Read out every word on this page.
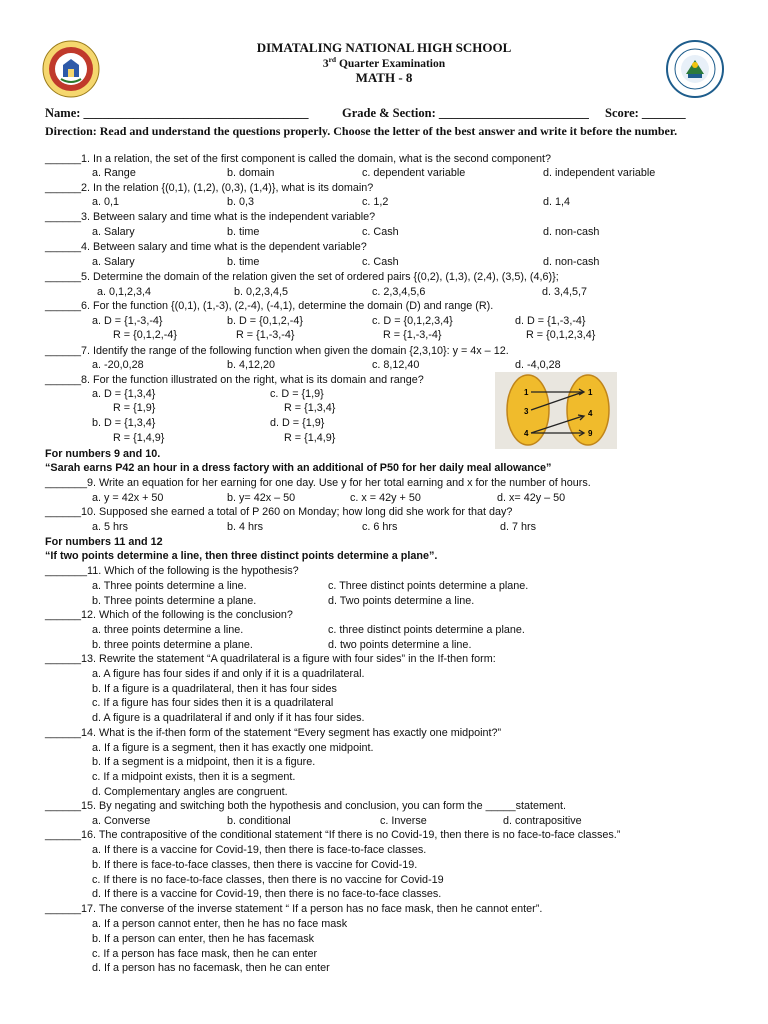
DIMATALING NATIONAL HIGH SCHOOL
3rd Quarter Examination
MATH - 8
Name: ____________________________________	Grade & Section: ________________________ Score: _______
Direction: Read and understand the questions properly. Choose the letter of the best answer and write it before the number.
______1. In a relation, the set of the first component is called the domain, what is the second component?
a. Range	b. domain	c. dependent variable	d. independent variable
______2. In the relation {(0,1), (1,2), (0,3), (1,4)}, what is its domain?
a. 0,1	b. 0,3	c. 1,2	d. 1,4
______3. Between salary and time what is the independent variable?
a. Salary	b. time	c. Cash	d. non-cash
______4. Between salary and time what is the dependent variable?
a. Salary	b. time	c. Cash	d. non-cash
______5. Determine the domain of the relation given the set of ordered pairs {(0,2), (1,3), (2,4), (3,5), (4,6)};
a. 0,1,2,3,4	b. 0,2,3,4,5	c. 2,3,4,5,6	d. 3,4,5,7
______6. For the function {(0,1), (1,-3), (2,-4), (-4,1), determine the domain (D) and range (R).
a. D = {1,-3,-4}
R = {0,1,2,-4}
b. D = {0,1,2,-4}
R = {1,-3,-4}
c. D = {0,1,2,3,4}
R = {1,-3,-4}
d. D = {1,-3,-4}
R = {0,1,2,3,4}
______7. Identify the range of the following function when given the domain {2,3,10}: y = 4x – 12.
a. -20,0,28	b. 4,12,20	c. 8,12,40	d. -4,0,28
______8. For the function illustrated on the right, what is its domain and range?
a. D = {1,3,4}
R = {1,9}
c. D = {1,9}
R = {1,3,4}
b. D = {1,3,4}
R = {1,4,9}
d. D = {1,9}
R = {1,4,9}
1
3
4
1
4
9
For numbers 9 and 10.
“Sarah earns P42 an hour in a dress factory with an additional of P50 for her daily meal allowance”
_______9. Write an equation for her earning for one day. Use y for her total earning and x for the number of hours.
a. y = 42x + 50	b. y= 42x – 50	c. x = 42y + 50	d. x= 42y – 50
______10. Supposed she earned a total of P 260 on Monday; how long did she work for that day?
a. 5 hrs	b. 4 hrs	c. 6 hrs	d. 7 hrs
For numbers 11 and 12
“If two points determine a line, then three distinct points determine a plane”.
_______11. Which of the following is the hypothesis?
a. Three points determine a line.	c. Three distinct points determine a plane.
b. Three points determine a plane.	d. Two points determine a line.
______12. Which of the following is the conclusion?
a. three points determine a line.	c. three distinct points determine a plane.
b. three points determine a plane.	d. two points determine a line.
______13. Rewrite the statement “A quadrilateral is a figure with four sides” in the If-then form:
a. A figure has four sides if and only if it is a quadrilateral.
b. If a figure is a quadrilateral, then it has four sides
c. If a figure has four sides then it is a quadrilateral
d. A figure is a quadrilateral if and only if it has four sides.
______14. What is the if-then form of the statement “Every segment has exactly one midpoint?”
a. If a figure is a segment, then it has exactly one midpoint.
b. If a segment is a midpoint, then it is a figure.
c. If a midpoint exists, then it is a segment.
d. Complementary angles are congruent.
______15. By negating and switching both the hypothesis and conclusion, you can form the _____statement.
a. Converse	b. conditional	c. Inverse	d. contrapositive
______16. The contrapositive of the conditional statement “If there is no Covid-19, then there is no face-to-face classes.”
a. If there is a vaccine for Covid-19, then there is face-to-face classes.
b. If there is face-to-face classes, then there is vaccine for Covid-19.
c. If there is no face-to-face classes, then there is no vaccine for Covid-19
d. If there is a vaccine for Covid-19, then there is no face-to-face classes.
______17. The converse of the inverse statement “ If a person has no face mask, then he cannot enter”.
a. If a person cannot enter, then he has no face mask
b. If a person can enter, then he has facemask
c. If a person has face mask, then he can enter
d. If a person has no facemask, then he can enter
